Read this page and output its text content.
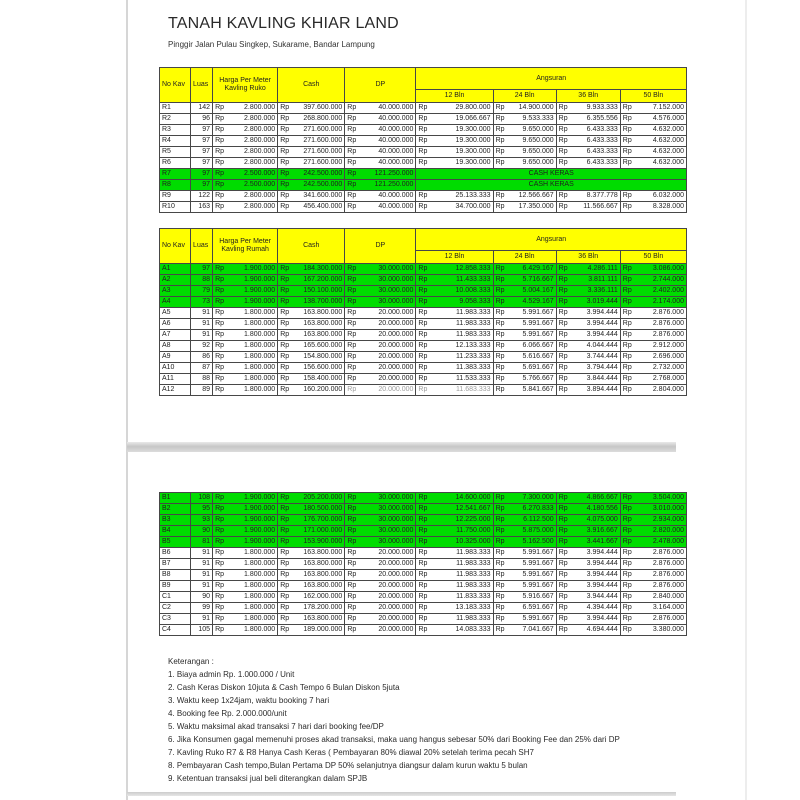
TANAH KAVLING KHIAR LAND
Pinggir Jalan Pulau Singkep, Sukarame, Bandar Lampung
No Kav	Luas	Harga Per Meter Kavling Ruko	Cash	DP	Angsuran			
					12 Bln	24 Bln	36 Bln	50 Bln
R1	142	Rp 2.800.000	Rp 397.600.000	Rp 40.000.000	Rp 29.800.000	Rp 14.900.000	Rp 9.933.333	Rp 7.152.000
R2	96	Rp 2.800.000	Rp 268.800.000	Rp 40.000.000	Rp 19.066.667	Rp 9.533.333	Rp 6.355.556	Rp 4.576.000
R3	97	Rp 2.800.000	Rp 271.600.000	Rp 40.000.000	Rp 19.300.000	Rp 9.650.000	Rp 6.433.333	Rp 4.632.000
R4	97	Rp 2.800.000	Rp 271.600.000	Rp 40.000.000	Rp 19.300.000	Rp 9.650.000	Rp 6.433.333	Rp 4.632.000
R5	97	Rp 2.800.000	Rp 271.600.000	Rp 40.000.000	Rp 19.300.000	Rp 9.650.000	Rp 6.433.333	Rp 4.632.000
R6	97	Rp 2.800.000	Rp 271.600.000	Rp 40.000.000	Rp 19.300.000	Rp 9.650.000	Rp 6.433.333	Rp 4.632.000
R7	97	Rp 2.500.000	Rp 242.500.000	Rp 121.250.000	CASH KERAS			
R8	97	Rp 2.500.000	Rp 242.500.000	Rp 121.250.000	CASH KERAS			
R9	122	Rp 2.800.000	Rp 341.600.000	Rp 40.000.000	Rp 25.133.333	Rp 12.566.667	Rp 8.377.778	Rp 6.032.000
R10	163	Rp 2.800.000	Rp 456.400.000	Rp 40.000.000	Rp 34.700.000	Rp 17.350.000	Rp 11.566.667	Rp 8.328.000
No Kav	Luas	Harga Per Meter Kavling Rumah	Cash	DP	Angsuran			
					12 Bln	24 Bln	36 Bln	50 Bln
A1	97	Rp 1.900.000	Rp 184.300.000	Rp 30.000.000	Rp 12.858.333	Rp 6.429.167	Rp 4.286.111	Rp 3.086.000
A2	88	Rp 1.900.000	Rp 167.200.000	Rp 30.000.000	Rp 11.433.333	Rp 5.716.667	Rp 3.811.111	Rp 2.744.000
A3	79	Rp 1.900.000	Rp 150.100.000	Rp 30.000.000	Rp 10.008.333	Rp 5.004.167	Rp 3.336.111	Rp 2.402.000
A4	73	Rp 1.900.000	Rp 138.700.000	Rp 30.000.000	Rp 9.058.333	Rp 4.529.167	Rp 3.019.444	Rp 2.174.000
A5	91	Rp 1.800.000	Rp 163.800.000	Rp 20.000.000	Rp 11.983.333	Rp 5.991.667	Rp 3.994.444	Rp 2.876.000
A6	91	Rp 1.800.000	Rp 163.800.000	Rp 20.000.000	Rp 11.983.333	Rp 5.991.667	Rp 3.994.444	Rp 2.876.000
A7	91	Rp 1.800.000	Rp 163.800.000	Rp 20.000.000	Rp 11.983.333	Rp 5.991.667	Rp 3.994.444	Rp 2.876.000
A8	92	Rp 1.800.000	Rp 165.600.000	Rp 20.000.000	Rp 12.133.333	Rp 6.066.667	Rp 4.044.444	Rp 2.912.000
A9	86	Rp 1.800.000	Rp 154.800.000	Rp 20.000.000	Rp 11.233.333	Rp 5.616.667	Rp 3.744.444	Rp 2.696.000
A10	87	Rp 1.800.000	Rp 156.600.000	Rp 20.000.000	Rp 11.383.333	Rp 5.691.667	Rp 3.794.444	Rp 2.732.000
A11	88	Rp 1.800.000	Rp 158.400.000	Rp 20.000.000	Rp 11.533.333	Rp 5.766.667	Rp 3.844.444	Rp 2.768.000
A12	89	Rp 1.800.000	Rp 160.200.000	Rp 20.000.000	Rp 11.683.333	Rp 5.841.667	Rp 3.894.444	Rp 2.804.000
B1	108	Rp 1.900.000	Rp 205.200.000	Rp 30.000.000	Rp 14.600.000	Rp 7.300.000	Rp 4.866.667	Rp 3.504.000
B2	95	Rp 1.900.000	Rp 180.500.000	Rp 30.000.000	Rp 12.541.667	Rp 6.270.833	Rp 4.180.556	Rp 3.010.000
B3	93	Rp 1.900.000	Rp 176.700.000	Rp 30.000.000	Rp 12.225.000	Rp 6.112.500	Rp 4.075.000	Rp 2.934.000
B4	90	Rp 1.900.000	Rp 171.000.000	Rp 30.000.000	Rp 11.750.000	Rp 5.875.000	Rp 3.916.667	Rp 2.820.000
B5	81	Rp 1.900.000	Rp 153.900.000	Rp 30.000.000	Rp 10.325.000	Rp 5.162.500	Rp 3.441.667	Rp 2.478.000
B6	91	Rp 1.800.000	Rp 163.800.000	Rp 20.000.000	Rp 11.983.333	Rp 5.991.667	Rp 3.994.444	Rp 2.876.000
B7	91	Rp 1.800.000	Rp 163.800.000	Rp 20.000.000	Rp 11.983.333	Rp 5.991.667	Rp 3.994.444	Rp 2.876.000
B8	91	Rp 1.800.000	Rp 163.800.000	Rp 20.000.000	Rp 11.983.333	Rp 5.991.667	Rp 3.994.444	Rp 2.876.000
B9	91	Rp 1.800.000	Rp 163.800.000	Rp 20.000.000	Rp 11.983.333	Rp 5.991.667	Rp 3.994.444	Rp 2.876.000
C1	90	Rp 1.800.000	Rp 162.000.000	Rp 20.000.000	Rp 11.833.333	Rp 5.916.667	Rp 3.944.444	Rp 2.840.000
C2	99	Rp 1.800.000	Rp 178.200.000	Rp 20.000.000	Rp 13.183.333	Rp 6.591.667	Rp 4.394.444	Rp 3.164.000
C3	91	Rp 1.800.000	Rp 163.800.000	Rp 20.000.000	Rp 11.983.333	Rp 5.991.667	Rp 3.994.444	Rp 2.876.000
C4	105	Rp 1.800.000	Rp 189.000.000	Rp 20.000.000	Rp 14.083.333	Rp 7.041.667	Rp 4.694.444	Rp 3.380.000
Keterangan :
1. Biaya admin Rp. 1.000.000 / Unit
2. Cash Keras Diskon 10juta & Cash Tempo 6 Bulan Diskon 5juta
3. Waktu keep 1x24jam, waktu booking 7 hari
4. Booking fee Rp. 2.000.000/unit
5. Waktu maksimal akad transaksi 7 hari dari booking fee/DP
6. Jika Konsumen gagal memenuhi proses akad transaksi, maka uang hangus sebesar 50% dari Booking Fee dan 25% dari DP
7. Kavling Ruko R7 & R8 Hanya Cash Keras ( Pembayaran 80% diawal 20% setelah terima pecah SH7
8. Pembayaran Cash tempo,Bulan Pertama DP 50% selanjutnya diangsur dalam kurun waktu 5 bulan
9. Ketentuan transaksi jual beli diterangkan dalam SPJB
